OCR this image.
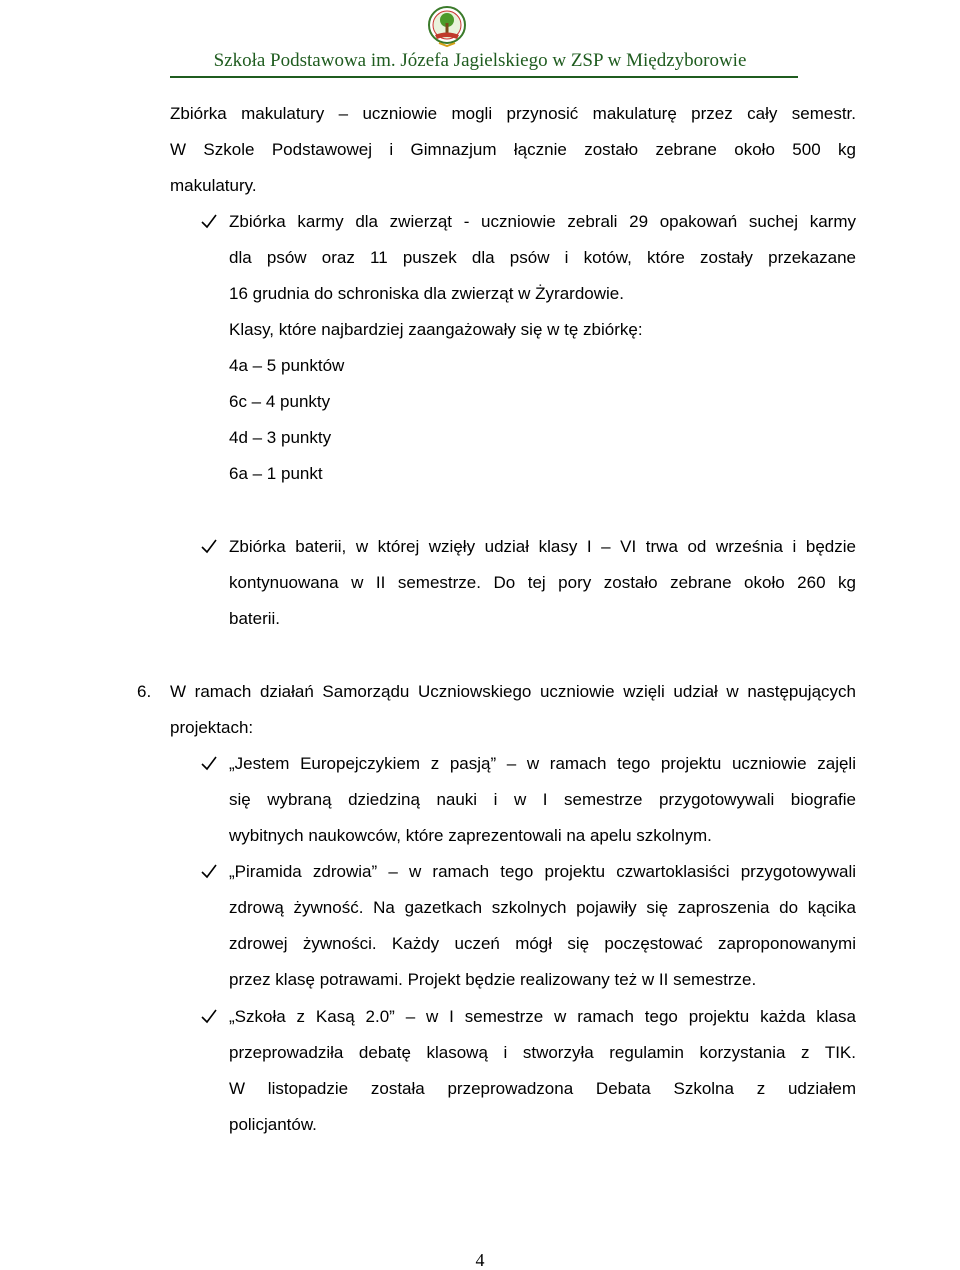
Szkoła Podstawowa im. Józefa Jagielskiego w ZSP w Międzyborowie
Zbiórka makulatury – uczniowie mogli przynosić makulaturę przez cały semestr.
W Szkole Podstawowej i Gimnazjum łącznie zostało zebrane około 500 kg
makulatury.
Zbiórka karmy dla zwierząt - uczniowie zebrali 29 opakowań suchej karmy
dla psów oraz 11 puszek dla psów i kotów, które zostały przekazane
16 grudnia do schroniska dla zwierząt w Żyrardowie.
Klasy, które najbardziej zaangażowały się w tę zbiórkę:
4a – 5 punktów
6c – 4 punkty
4d – 3 punkty
6a – 1 punkt
Zbiórka baterii, w której wzięły udział klasy I – VI trwa od września i będzie
kontynuowana w II semestrze. Do tej pory zostało zebrane około 260 kg
baterii.
6. W ramach działań Samorządu Uczniowskiego uczniowie wzięli udział w następujących
projektach:
„Jestem Europejczykiem z pasją” – w ramach tego projektu uczniowie zajęli
się wybraną dziedziną nauki i w I semestrze przygotowywali biografie
wybitnych naukowców, które zaprezentowali na apelu szkolnym.
„Piramida zdrowia” – w ramach tego projektu czwartoklasiści przygotowywali
zdrową żywność. Na gazetkach szkolnych pojawiły się zaproszenia do kącika
zdrowej żywności. Każdy uczeń mógł się poczęstować zaproponowanymi
przez klasę potrawami. Projekt będzie realizowany też w II semestrze.
„Szkoła z Kasą 2.0” – w I semestrze w ramach tego projektu każda klasa
przeprowadziła debatę klasową i stworzyła regulamin korzystania z TIK.
W listopadzie została przeprowadzona Debata Szkolna z udziałem
policjantów.
4
